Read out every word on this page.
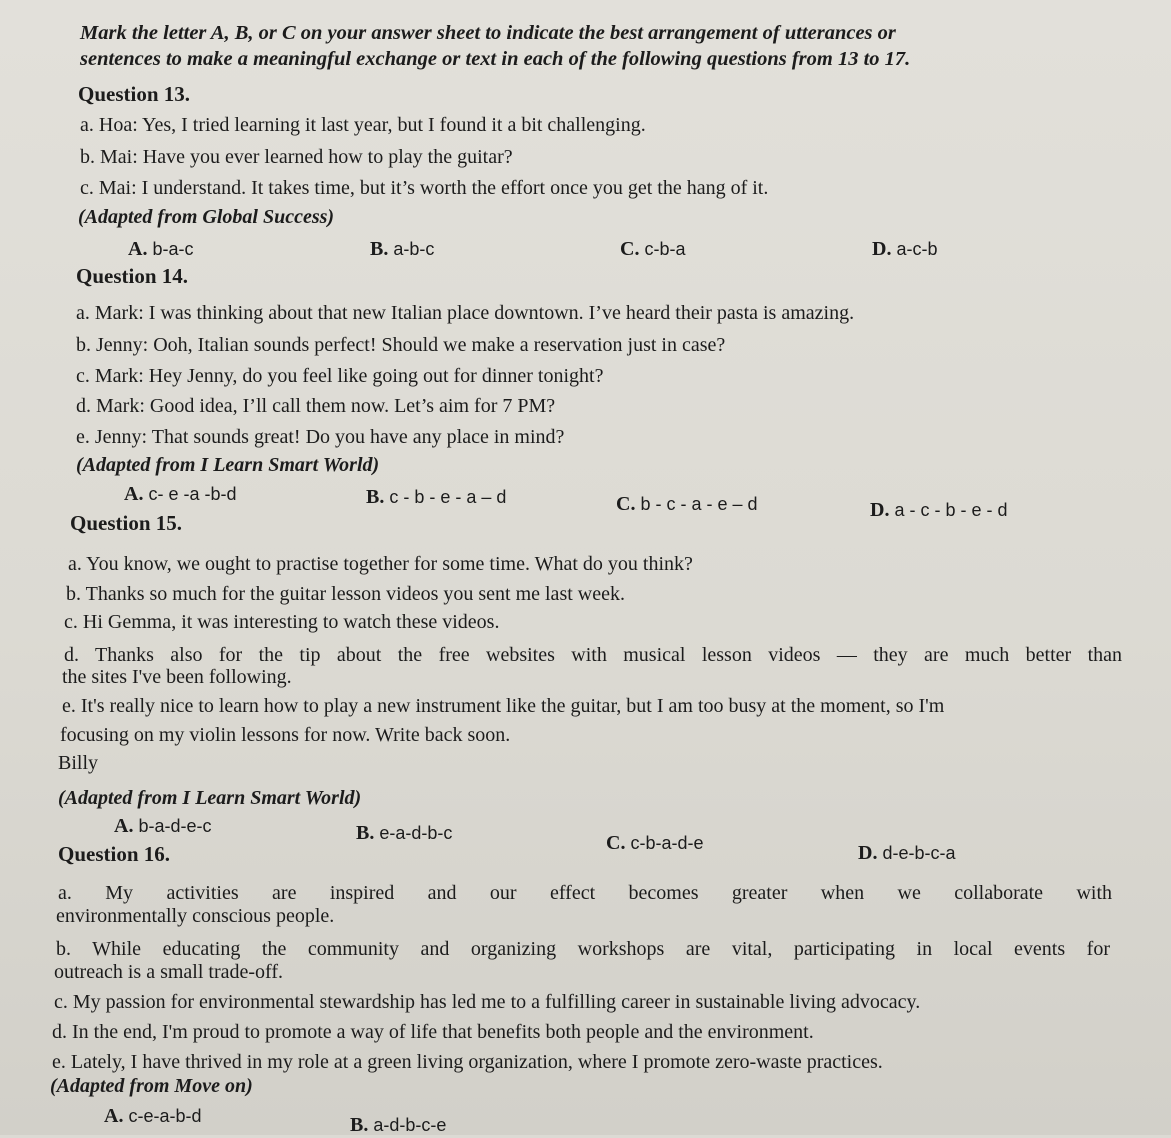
Mark the letter A, B, or C on your answer sheet to indicate the best arrangement of utterances or
sentences to make a meaningful exchange or text in each of the following questions from 13 to 17.
Question 13.
a. Hoa: Yes, I tried learning it last year, but I found it a bit challenging.
b. Mai: Have you ever learned how to play the guitar?
c. Mai: I understand. It takes time, but it’s worth the effort once you get the hang of it.
(Adapted from Global Success)
A. b-a-c	B. a-b-c	C. c-b-a	D. a-c-b
Question 14.
a. Mark: I was thinking about that new Italian place downtown. I’ve heard their pasta is amazing.
b. Jenny: Ooh, Italian sounds perfect! Should we make a reservation just in case?
c. Mark: Hey Jenny, do you feel like going out for dinner tonight?
d. Mark: Good idea, I’ll call them now. Let’s aim for 7 PM?
e. Jenny: That sounds great! Do you have any place in mind?
(Adapted from I Learn Smart World)
A. c- e -a -b-d	B. c - b - e - a – d	C. b - c - a - e – d	D. a - c - b - e - d
Question 15.
a. You know, we ought to practise together for some time. What do you think?
b. Thanks so much for the guitar lesson videos you sent me last week.
c. Hi Gemma, it was interesting to watch these videos.
d. Thanks also for the tip about the free websites with musical lesson videos — they are much better than
the sites I've been following.
e. It's really nice to learn how to play a new instrument like the guitar, but I am too busy at the moment, so I'm
focusing on my violin lessons for now. Write back soon.
Billy
(Adapted from I Learn Smart World)
A. b-a-d-e-c	B. e-a-d-b-c	C. c-b-a-d-e	D. d-e-b-c-a
Question 16.
a. My activities are inspired and our effect becomes greater when we collaborate with
environmentally conscious people.
b. While educating the community and organizing workshops are vital, participating in local events for
outreach is a small trade-off.
c. My passion for environmental stewardship has led me to a fulfilling career in sustainable living advocacy.
d. In the end, I'm proud to promote a way of life that benefits both people and the environment.
e. Lately, I have thrived in my role at a green living organization, where I promote zero-waste practices.
(Adapted from Move on)
A. c-e-a-b-d	B. a-d-b-c-e
